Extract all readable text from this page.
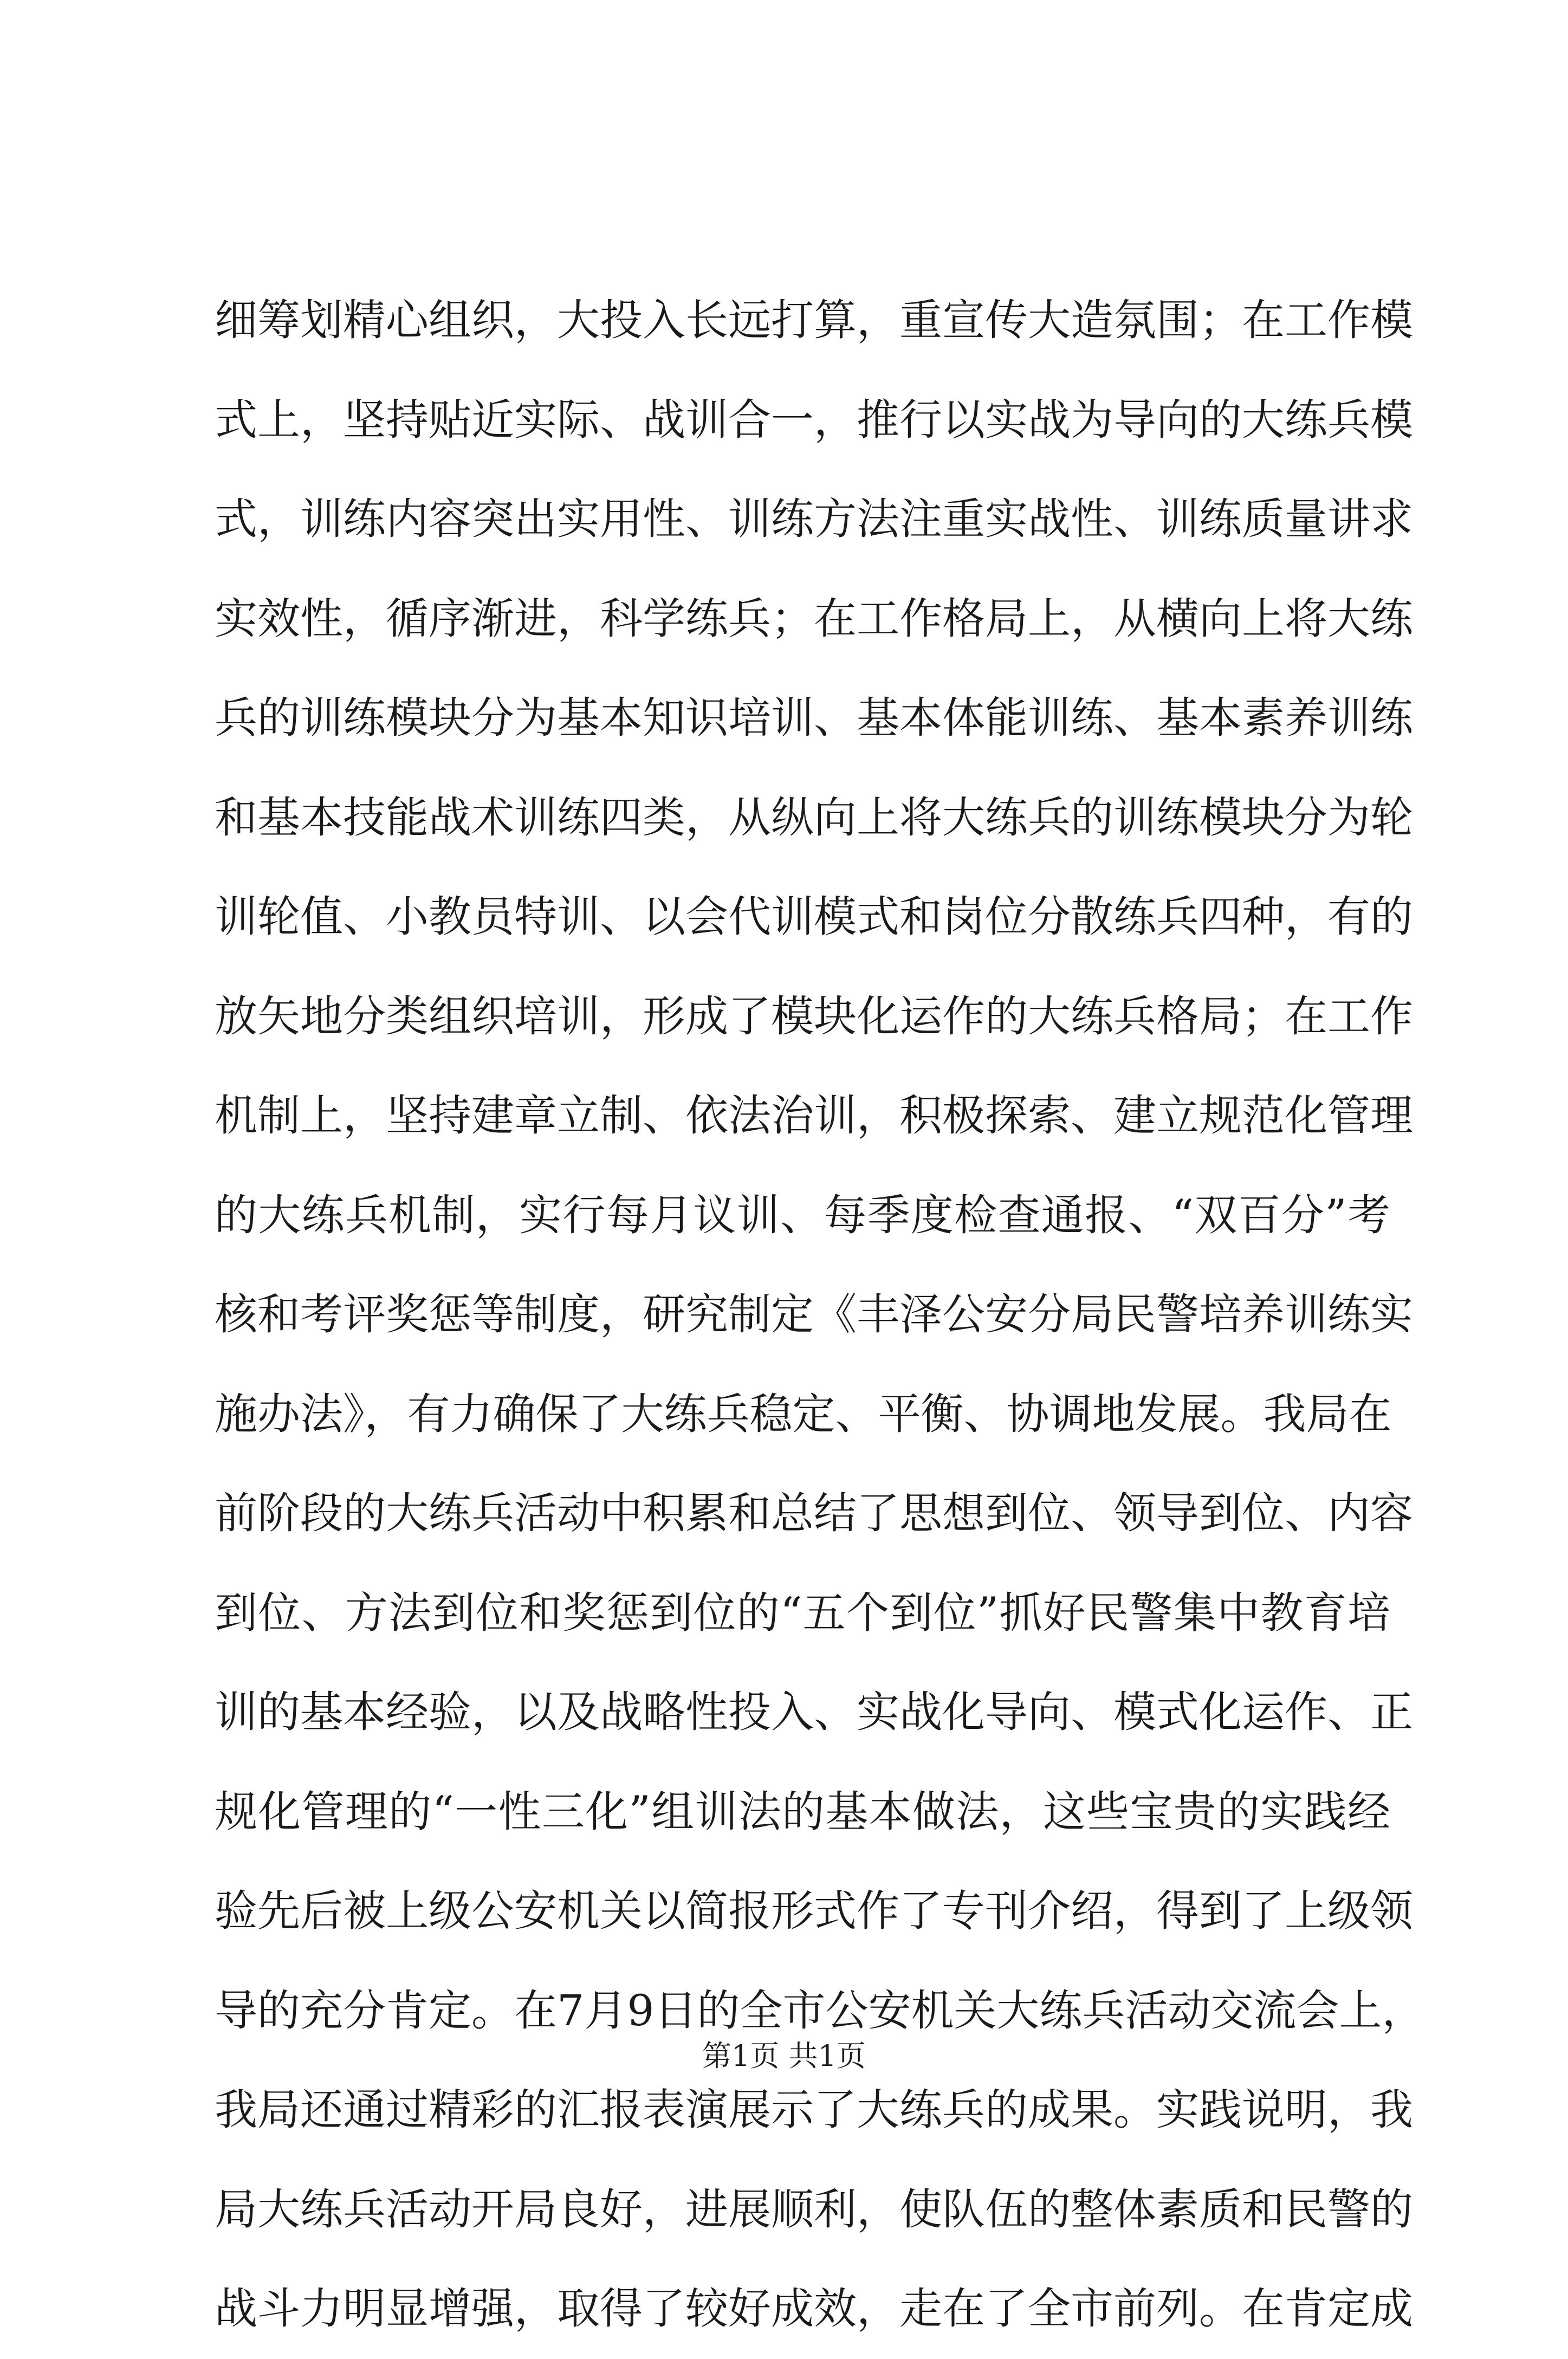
细筹划精心组织，大投入长远打算，重宣传大造氛围；在工作模
式上，坚持贴近实际、战训合一，推行以实战为导向的大练兵模
式，训练内容突出实用性、训练方法注重实战性、训练质量讲求
实效性，循序渐进，科学练兵；在工作格局上，从横向上将大练
兵的训练模块分为基本知识培训、基本体能训练、基本素养训练
和基本技能战术训练四类，从纵向上将大练兵的训练模块分为轮
训轮值、小教员特训、以会代训模式和岗位分散练兵四种，有的
放矢地分类组织培训，形成了模块化运作的大练兵格局；在工作
机制上，坚持建章立制、依法治训，积极探索、建立规范化管理
的大练兵机制，实行每月议训、每季度检查通报、“双百分”考
核和考评奖惩等制度，研究制定《丰泽公安分局民警培养训练实
施办法》，有力确保了大练兵稳定、平衡、协调地发展。我局在
前阶段的大练兵活动中积累和总结了思想到位、领导到位、内容
到位、方法到位和奖惩到位的“五个到位”抓好民警集中教育培
训的基本经验，以及战略性投入、实战化导向、模式化运作、正
规化管理的“一性三化”组训法的基本做法，这些宝贵的实践经
验先后被上级公安机关以简报形式作了专刊介绍，得到了上级领
导的充分肯定。在7月9日的全市公安机关大练兵活动交流会上，
我局还通过精彩的汇报表演展示了大练兵的成果。实践说明，我
局大练兵活动开局良好，进展顺利，使队伍的整体素质和民警的
战斗力明显增强，取得了较好成效，走在了全市前列。在肯定成
第1页 共1页
